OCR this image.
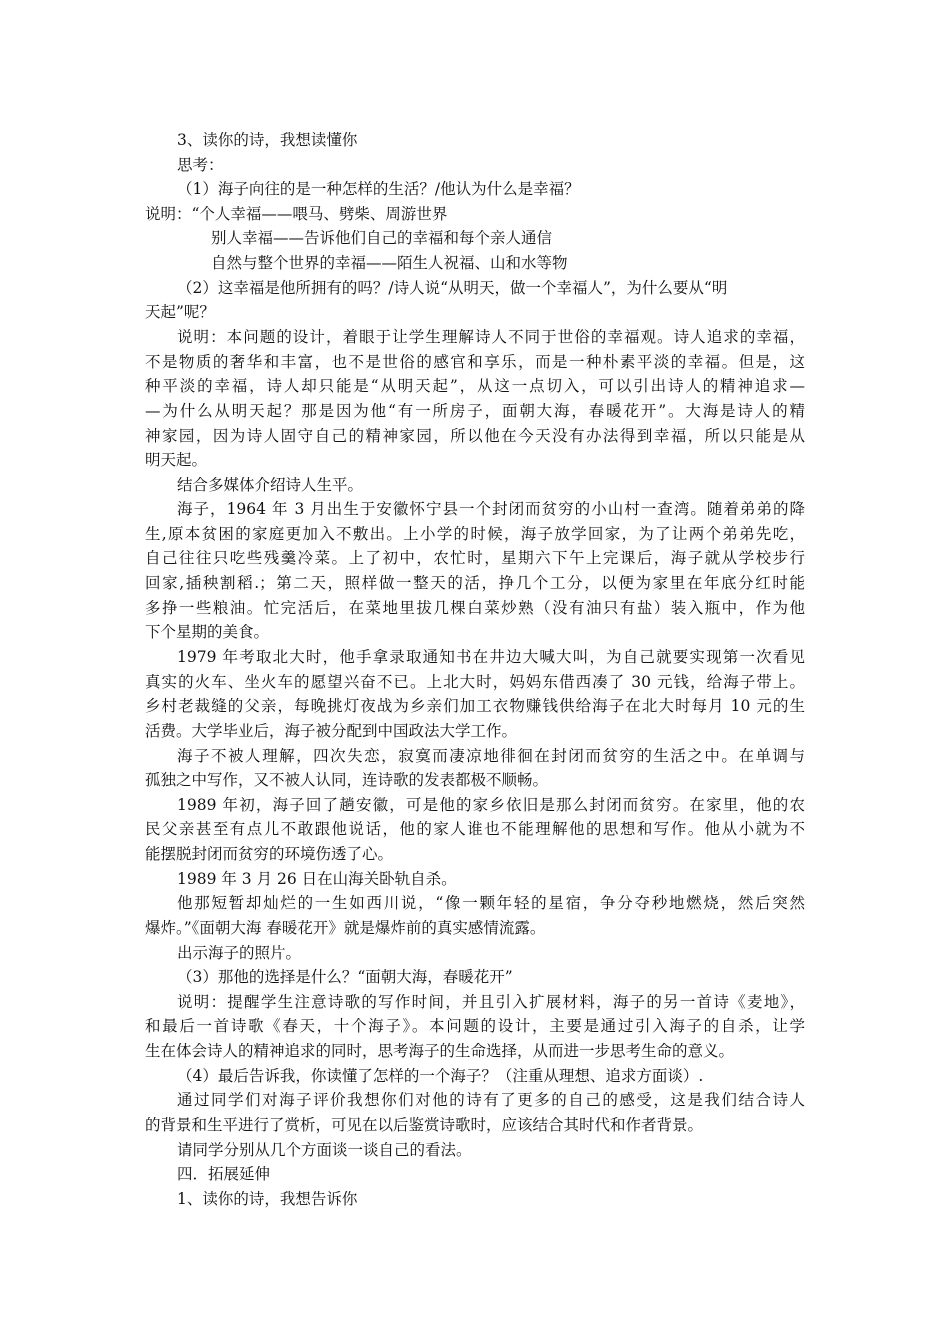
3、读你的诗，我想读懂你
思考：
（1）海子向往的是一种怎样的生活？/他认为什么是幸福？
说明：“个人幸福——喂马、劈柴、周游世界
别人幸福——告诉他们自己的幸福和每个亲人通信
自然与整个世界的幸福——陌生人祝福、山和水等物
（2）这幸福是他所拥有的吗？/诗人说“从明天，做一个幸福人”，为什么要从“明
天起”呢？
说明：本问题的设计，着眼于让学生理解诗人不同于世俗的幸福观。诗人追求的幸福，
不是物质的奢华和丰富，也不是世俗的感官和享乐，而是一种朴素平淡的幸福。但是，这
种平淡的幸福，诗人却只能是“从明天起”，从这一点切入，可以引出诗人的精神追求—
—为什么从明天起？那是因为他“有一所房子，面朝大海，春暖花开”。大海是诗人的精
神家园，因为诗人固守自己的精神家园，所以他在今天没有办法得到幸福，所以只能是从
明天起。
结合多媒体介绍诗人生平。
海子，1964 年 3 月出生于安徽怀宁县一个封闭而贫穷的小山村一查湾。随着弟弟的降
生,原本贫困的家庭更加入不敷出。上小学的时候，海子放学回家，为了让两个弟弟先吃，
自己往往只吃些残羹冷菜。上了初中，农忙时，星期六下午上完课后，海子就从学校步行
回家,插秧割稻.；第二天，照样做一整天的活，挣几个工分，以便为家里在年底分红时能
多挣一些粮油。忙完活后，在菜地里拔几棵白菜炒熟（没有油只有盐）装入瓶中，作为他
下个星期的美食。
1979 年考取北大时，他手拿录取通知书在井边大喊大叫，为自己就要实现第一次看见
真实的火车、坐火车的愿望兴奋不已。上北大时，妈妈东借西凑了 30 元钱，给海子带上。
乡村老裁缝的父亲，每晚挑灯夜战为乡亲们加工衣物赚钱供给海子在北大时每月 10 元的生
活费。大学毕业后，海子被分配到中国政法大学工作。
海子不被人理解，四次失恋，寂寞而凄凉地徘徊在封闭而贫穷的生活之中。在单调与
孤独之中写作，又不被人认同，连诗歌的发表都极不顺畅。
1989 年初，海子回了趟安徽，可是他的家乡依旧是那么封闭而贫穷。在家里，他的农
民父亲甚至有点儿不敢跟他说话，他的家人谁也不能理解他的思想和写作。他从小就为不
能摆脱封闭而贫穷的环境伤透了心。
1989 年 3 月 26 日在山海关卧轨自杀。
他那短暂却灿烂的一生如西川说，“像一颗年轻的星宿，争分夺秒地燃烧，然后突然
爆炸。”《面朝大海 春暖花开》就是爆炸前的真实感情流露。
出示海子的照片。
（3）那他的选择是什么？“面朝大海，春暖花开”
说明：提醒学生注意诗歌的写作时间，并且引入扩展材料，海子的另一首诗《麦地》，
和最后一首诗歌《春天，十个海子》。本问题的设计，主要是通过引入海子的自杀，让学
生在体会诗人的精神追求的同时，思考海子的生命选择，从而进一步思考生命的意义。
（4）最后告诉我，你读懂了怎样的一个海子？（注重从理想、追求方面谈）.
通过同学们对海子评价我想你们对他的诗有了更多的自己的感受，这是我们结合诗人
的背景和生平进行了赏析，可见在以后鉴赏诗歌时，应该结合其时代和作者背景。
请同学分别从几个方面谈一谈自己的看法。
四．拓展延伸
1、读你的诗，我想告诉你
